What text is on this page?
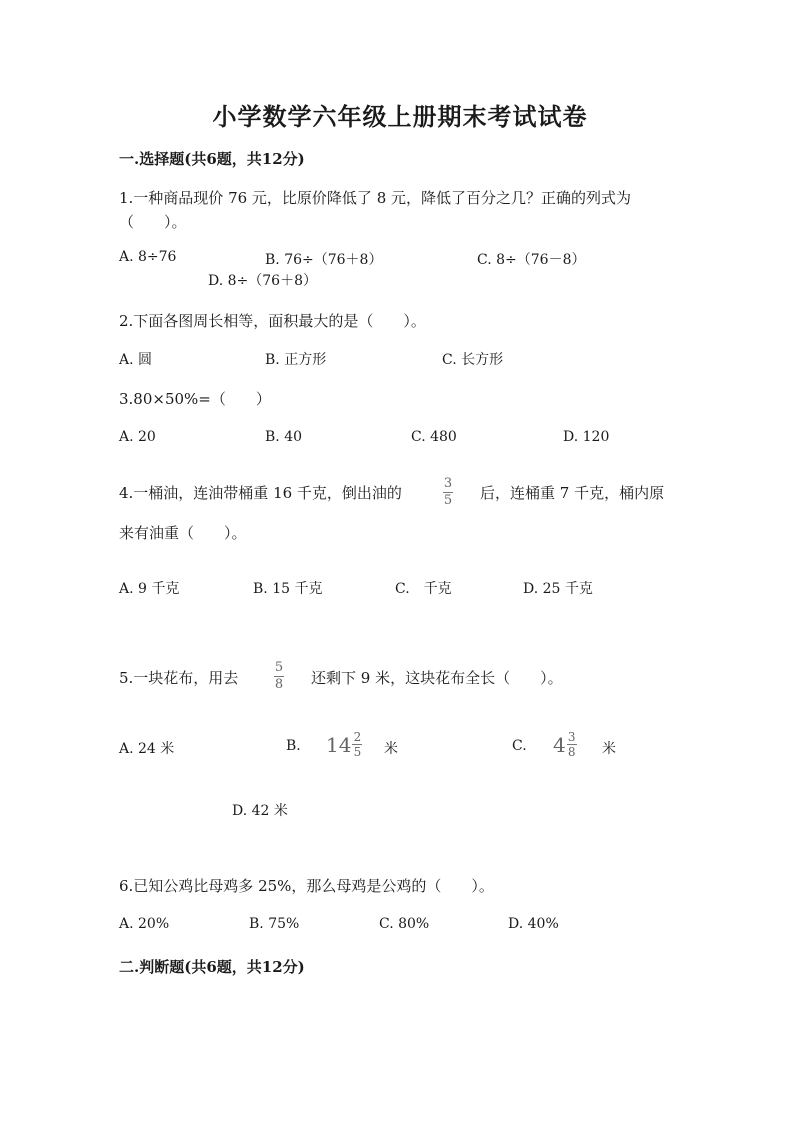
小学数学六年级上册期末考试试卷
一.选择题(共6题，共12分)
1.一种商品现价 76 元，比原价降低了 8 元，降低了百分之几？正确的列式为
（　　）。
A. 8÷76	B. 76÷（76＋8）	C. 8÷（76－8）
D. 8÷（76＋8）
2.下面各图周长相等，面积最大的是（　　）。
A. 圆	B. 正方形	C. 长方形
3.80×50%=（　　）
A. 20	B. 40	C. 480	D. 120
4.一桶油，连油带桶重 16 千克，倒出油的	$\frac{3}{5}$ 后，连桶重 7 千克，桶内原
来有油重（　　）。
A. 9 千克	B. 15 千克	C.　千克	D. 25 千克
5.一块花布，用去	$\frac{5}{8}$ 还剩下 9 米，这块花布全长（　　）。
A. 24 米	B. $14 \frac{2}{5}$ 米	C. $4 \frac{3}{8}$ 米
D. 42 米
6.已知公鸡比母鸡多 25%，那么母鸡是公鸡的（　　）。
A. 20%	B. 75%	C. 80%	D. 40%
二.判断题(共6题，共12分)
